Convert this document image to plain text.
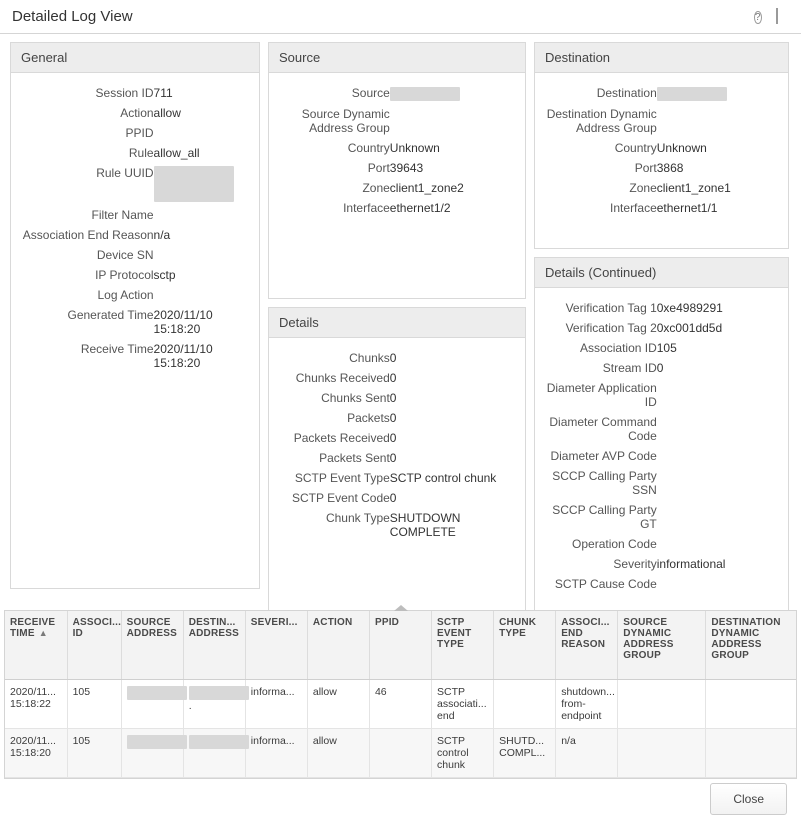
Detailed Log View	?
General
Session ID	711
Action	allow
PPID	
Rule	allow_all
Rule UUID	
Filter Name	
Association End Reason	n/a
Device SN	
IP Protocol	sctp
Log Action	
Generated Time	2020/11/10 15:18:20
Receive Time	2020/11/10 15:18:20
Source
Source	
Source Dynamic Address Group	
Country	Unknown
Port	39643
Zone	client1_zone2
Interface	ethernet1/2
Details
Chunks	0
Chunks Received	0
Chunks Sent	0
Packets	0
Packets Received	0
Packets Sent	0
SCTP Event Type	SCTP control chunk
SCTP Event Code	0
Chunk Type	SHUTDOWN COMPLETE
Destination
Destination	
Destination Dynamic Address Group	
Country	Unknown
Port	3868
Zone	client1_zone1
Interface	ethernet1/1
Details (Continued)
Verification Tag 1	0xe4989291
Verification Tag 2	0xc001dd5d
Association ID	105
Stream ID	0
Diameter Application ID	
Diameter Command Code	
Diameter AVP Code	
SCCP Calling Party SSN	
SCCP Calling Party GT	
Operation Code	
Severity	informational
SCTP Cause Code	
RECEIVE TIME ▲	ASSOCI... ID	SOURCE ADDRESS	DESTIN... ADDRESS	SEVERI...	ACTION	PPID	SCTP EVENT TYPE	CHUNK TYPE	ASSOCI... END REASON	SOURCE DYNAMIC ADDRESS GROUP	DESTINATION DYNAMIC ADDRESS GROUP
2020/11... 15:18:22	105		.	informa...	allow	46	SCTP associati... end		shutdown... from-endpoint		
2020/11... 15:18:20	105			informa...	allow		SCTP control chunk	SHUTD... COMPL...	n/a		
Close
